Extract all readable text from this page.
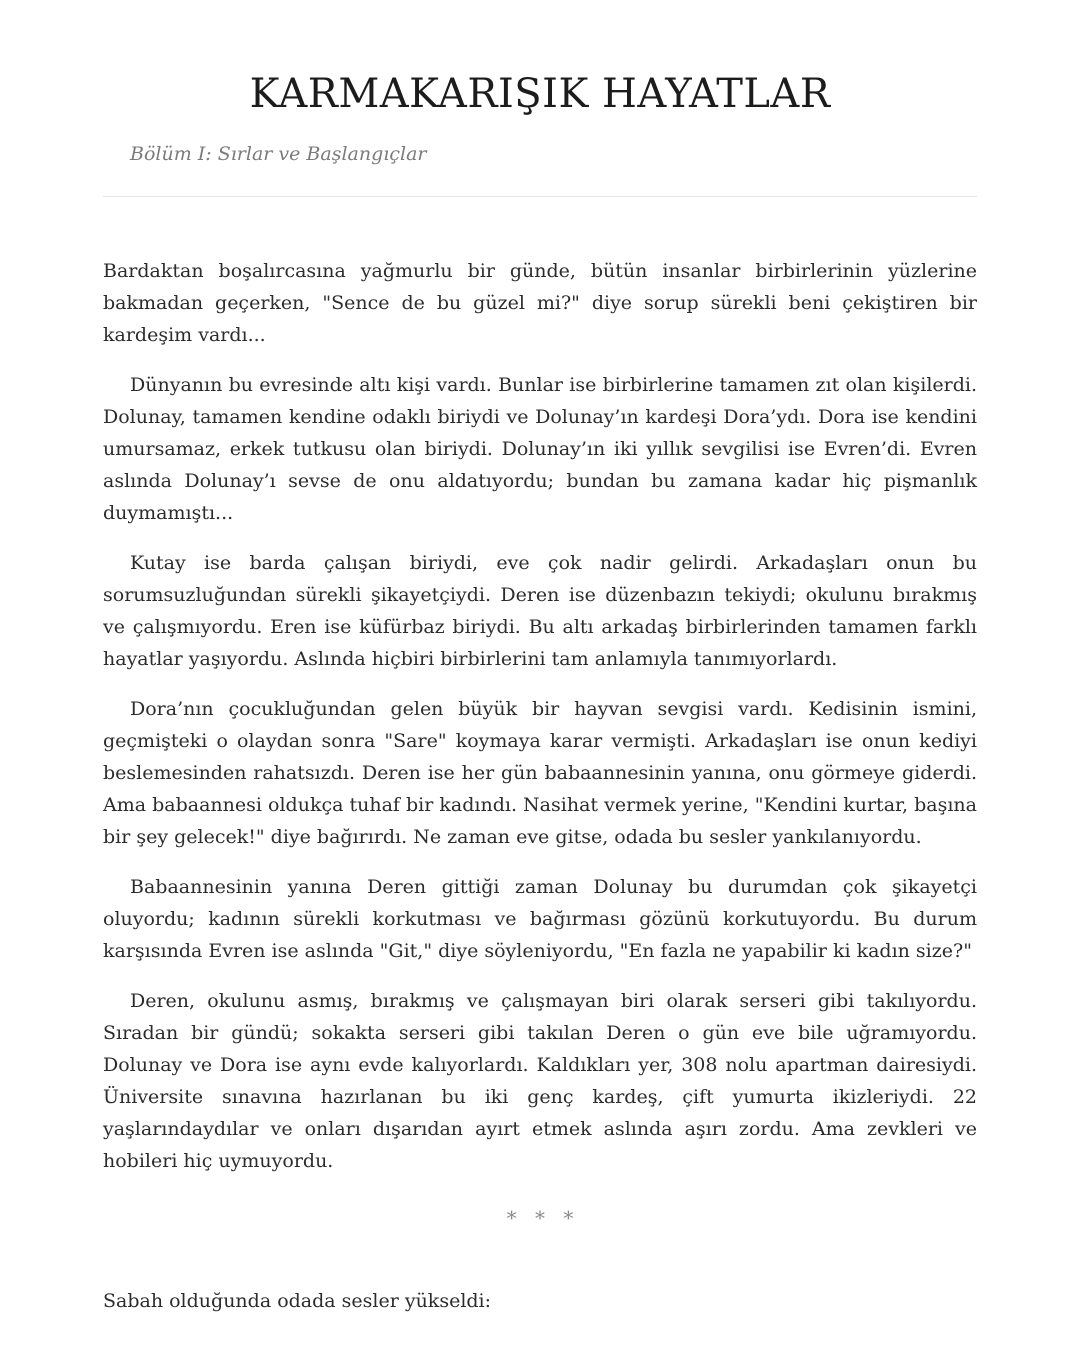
KARMAKARIŞIK HAYATLAR

Bölüm I: Sırlar ve Başlangıçlar

Bardaktan boşalırcasına yağmurlu bir günde, bütün insanlar birbirlerinin yüzlerine bakmadan geçerken, "Sence de bu güzel mi?" diye sorup sürekli beni çekiştiren bir kardeşim vardı...

Dünyanın bu evresinde altı kişi vardı. Bunlar ise birbirlerine tamamen zıt olan kişilerdi. Dolunay, tamamen kendine odaklı biriydi ve Dolunay’ın kardeşi Dora’ydı. Dora ise kendini umursamaz, erkek tutkusu olan biriydi. Dolunay’ın iki yıllık sevgilisi ise Evren’di. Evren aslında Dolunay’ı sevse de onu aldatıyordu; bundan bu zamana kadar hiç pişmanlık duymamıştı...

Kutay ise barda çalışan biriydi, eve çok nadir gelirdi. Arkadaşları onun bu sorumsuzluğundan sürekli şikayetçiydi. Deren ise düzenbazın tekiydi; okulunu bırakmış ve çalışmıyordu. Eren ise küfürbaz biriydi. Bu altı arkadaş birbirlerinden tamamen farklı hayatlar yaşıyordu. Aslında hiçbiri birbirlerini tam anlamıyla tanımıyorlardı.

Dora’nın çocukluğundan gelen büyük bir hayvan sevgisi vardı. Kedisinin ismini, geçmişteki o olaydan sonra "Sare" koymaya karar vermişti. Arkadaşları ise onun kediyi beslemesinden rahatsızdı. Deren ise her gün babaannesinin yanına, onu görmeye giderdi. Ama babaannesi oldukça tuhaf bir kadındı. Nasihat vermek yerine, "Kendini kurtar, başına bir şey gelecek!" diye bağırırdı. Ne zaman eve gitse, odada bu sesler yankılanıyordu.

Babaannesinin yanına Deren gittiği zaman Dolunay bu durumdan çok şikayetçi oluyordu; kadının sürekli korkutması ve bağırması gözünü korkutuyordu. Bu durum karşısında Evren ise aslında "Git," diye söyleniyordu, "En fazla ne yapabilir ki kadın size?"

Deren, okulunu asmış, bırakmış ve çalışmayan biri olarak serseri gibi takılıyordu. Sıradan bir gündü; sokakta serseri gibi takılan Deren o gün eve bile uğramıyordu. Dolunay ve Dora ise aynı evde kalıyorlardı. Kaldıkları yer, 308 nolu apartman dairesiydi. Üniversite sınavına hazırlanan bu iki genç kardeş, çift yumurta ikizleriydi. 22 yaşlarındaydılar ve onları dışarıdan ayırt etmek aslında aşırı zordu. Ama zevkleri ve hobileri hiç uymuyordu.

* * *

Sabah olduğunda odada sesler yükseldi:
